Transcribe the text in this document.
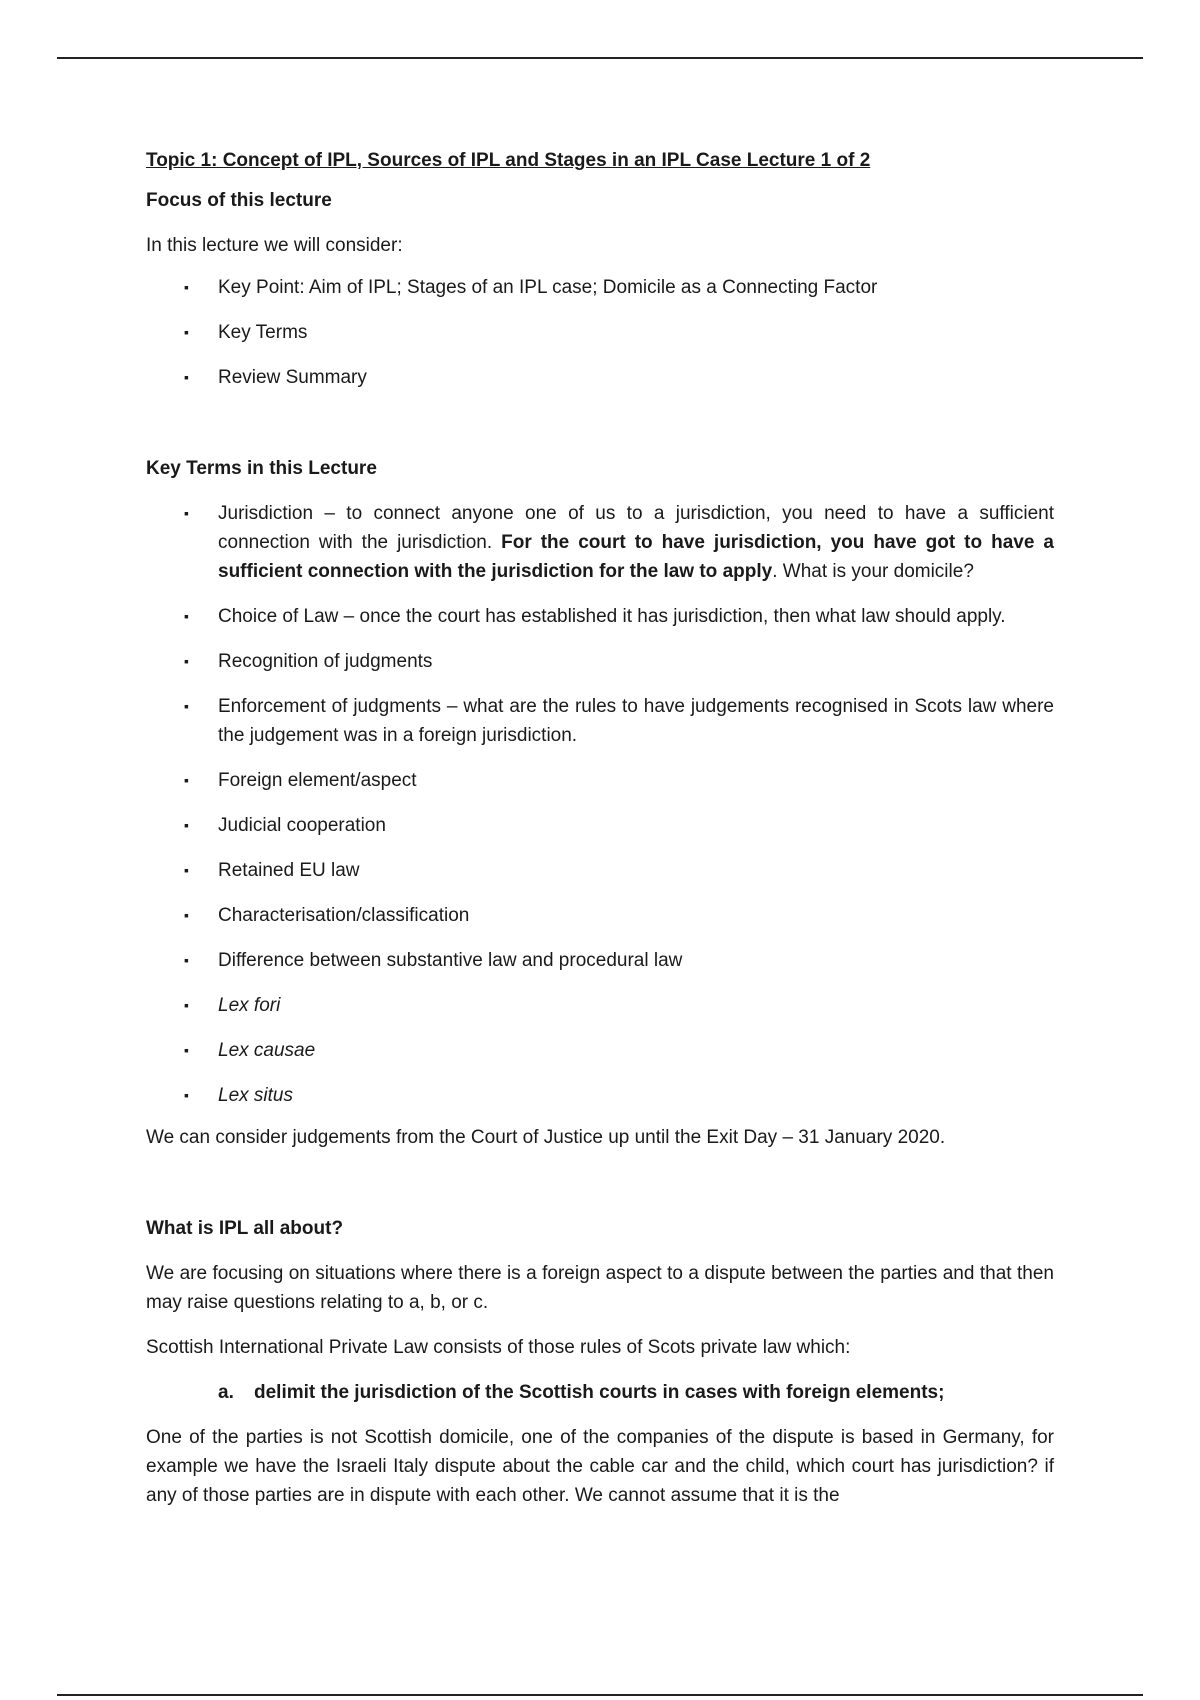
Topic 1: Concept of IPL, Sources of IPL and Stages in an IPL Case Lecture 1 of 2

Focus of this lecture

In this lecture we will consider:

▪ Key Point: Aim of IPL; Stages of an IPL case; Domicile as a Connecting Factor
▪ Key Terms
▪ Review Summary

Key Terms in this Lecture

▪ Jurisdiction – to connect anyone one of us to a jurisdiction, you need to have a sufficient connection with the jurisdiction. For the court to have jurisdiction, you have got to have a sufficient connection with the jurisdiction for the law to apply. What is your domicile?
▪ Choice of Law – once the court has established it has jurisdiction, then what law should apply.
▪ Recognition of judgments
▪ Enforcement of judgments – what are the rules to have judgements recognised in Scots law where the judgement was in a foreign jurisdiction.
▪ Foreign element/aspect
▪ Judicial cooperation
▪ Retained EU law
▪ Characterisation/classification
▪ Difference between substantive law and procedural law
▪ Lex fori
▪ Lex causae
▪ Lex situs

We can consider judgements from the Court of Justice up until the Exit Day – 31 January 2020.

What is IPL all about?

We are focusing on situations where there is a foreign aspect to a dispute between the parties and that then may raise questions relating to a, b, or c.

Scottish International Private Law consists of those rules of Scots private law which:

a. delimit the jurisdiction of the Scottish courts in cases with foreign elements;

One of the parties is not Scottish domicile, one of the companies of the dispute is based in Germany, for example we have the Israeli Italy dispute about the cable car and the child, which court has jurisdiction? if any of those parties are in dispute with each other. We cannot assume that it is the
